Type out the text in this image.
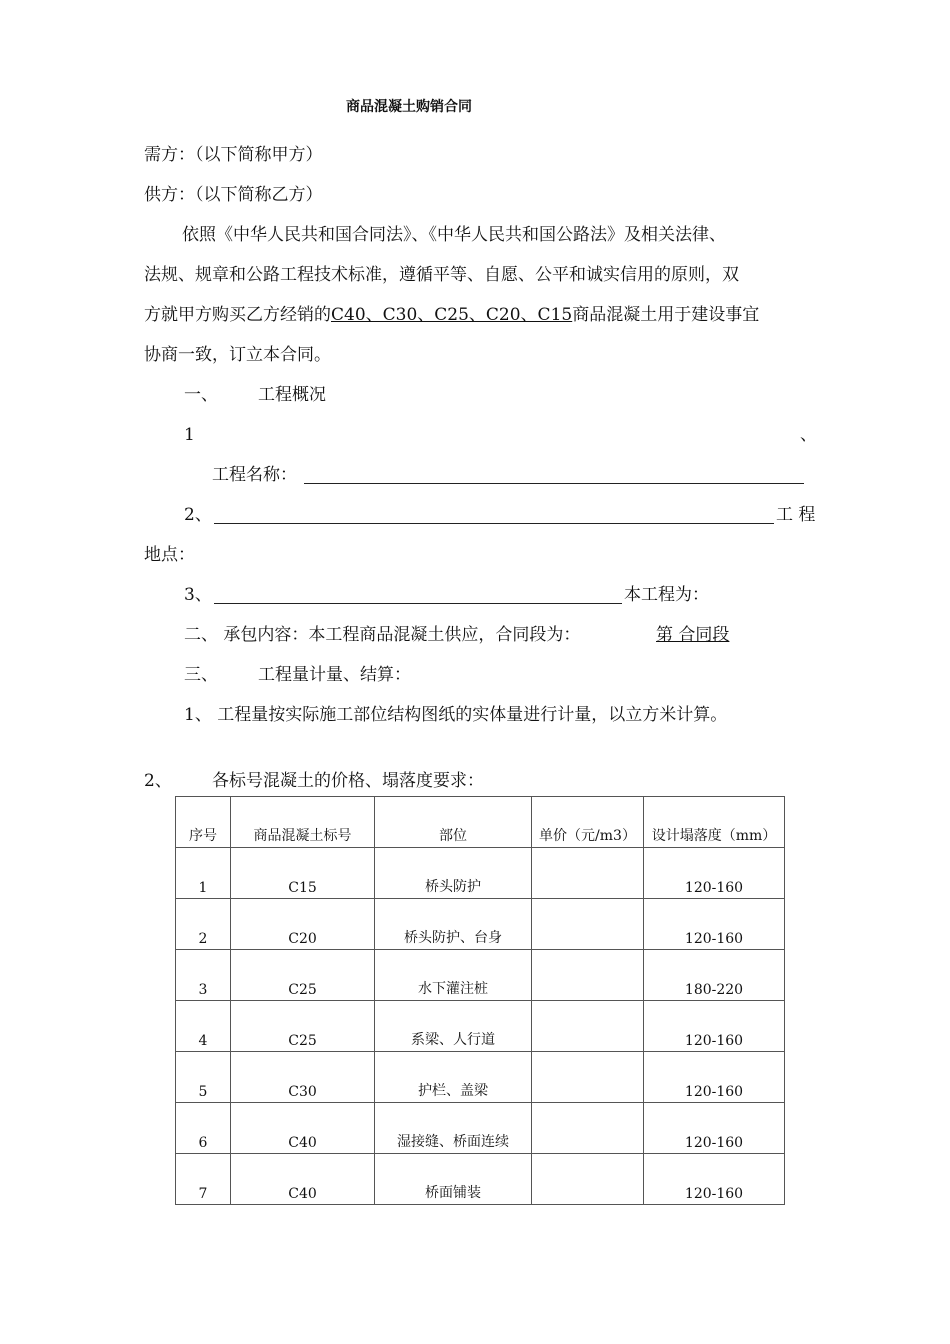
商品混凝土购销合同
需方：（以下简称甲方）
供方：（以下简称乙方）
依照《中华人民共和国合同法》、《中华人民共和国公路法》及相关法律、
法规、规章和公路工程技术标准，遵循平等、自愿、公平和诚实信用的原则，双
方就甲方购买乙方经销的C40、C30、C25、C20、C15商品混凝土用于建设事宜
协商一致，订立本合同。
一、 工程概况
1	、
工程名称：
2、	工 程
地点：
3、	本工程为：
二、 承包内容：本工程商品混凝土供应，合同段为：	第 合同段
三、 工程量计量、结算：
1、 工程量按实际施工部位结构图纸的实体量进行计量，以立方米计算。
2、 各标号混凝土的价格、塌落度要求：
序号	商品混凝土标号	部位	单价（元/m3）	设计塌落度（mm）
1	C15	桥头防护		120-160
2	C20	桥头防护、台身		120-160
3	C25	水下灌注桩		180-220
4	C25	系梁、人行道		120-160
5	C30	护栏、盖梁		120-160
6	C40	湿接缝、桥面连续		120-160
7	C40	桥面铺装		120-160
